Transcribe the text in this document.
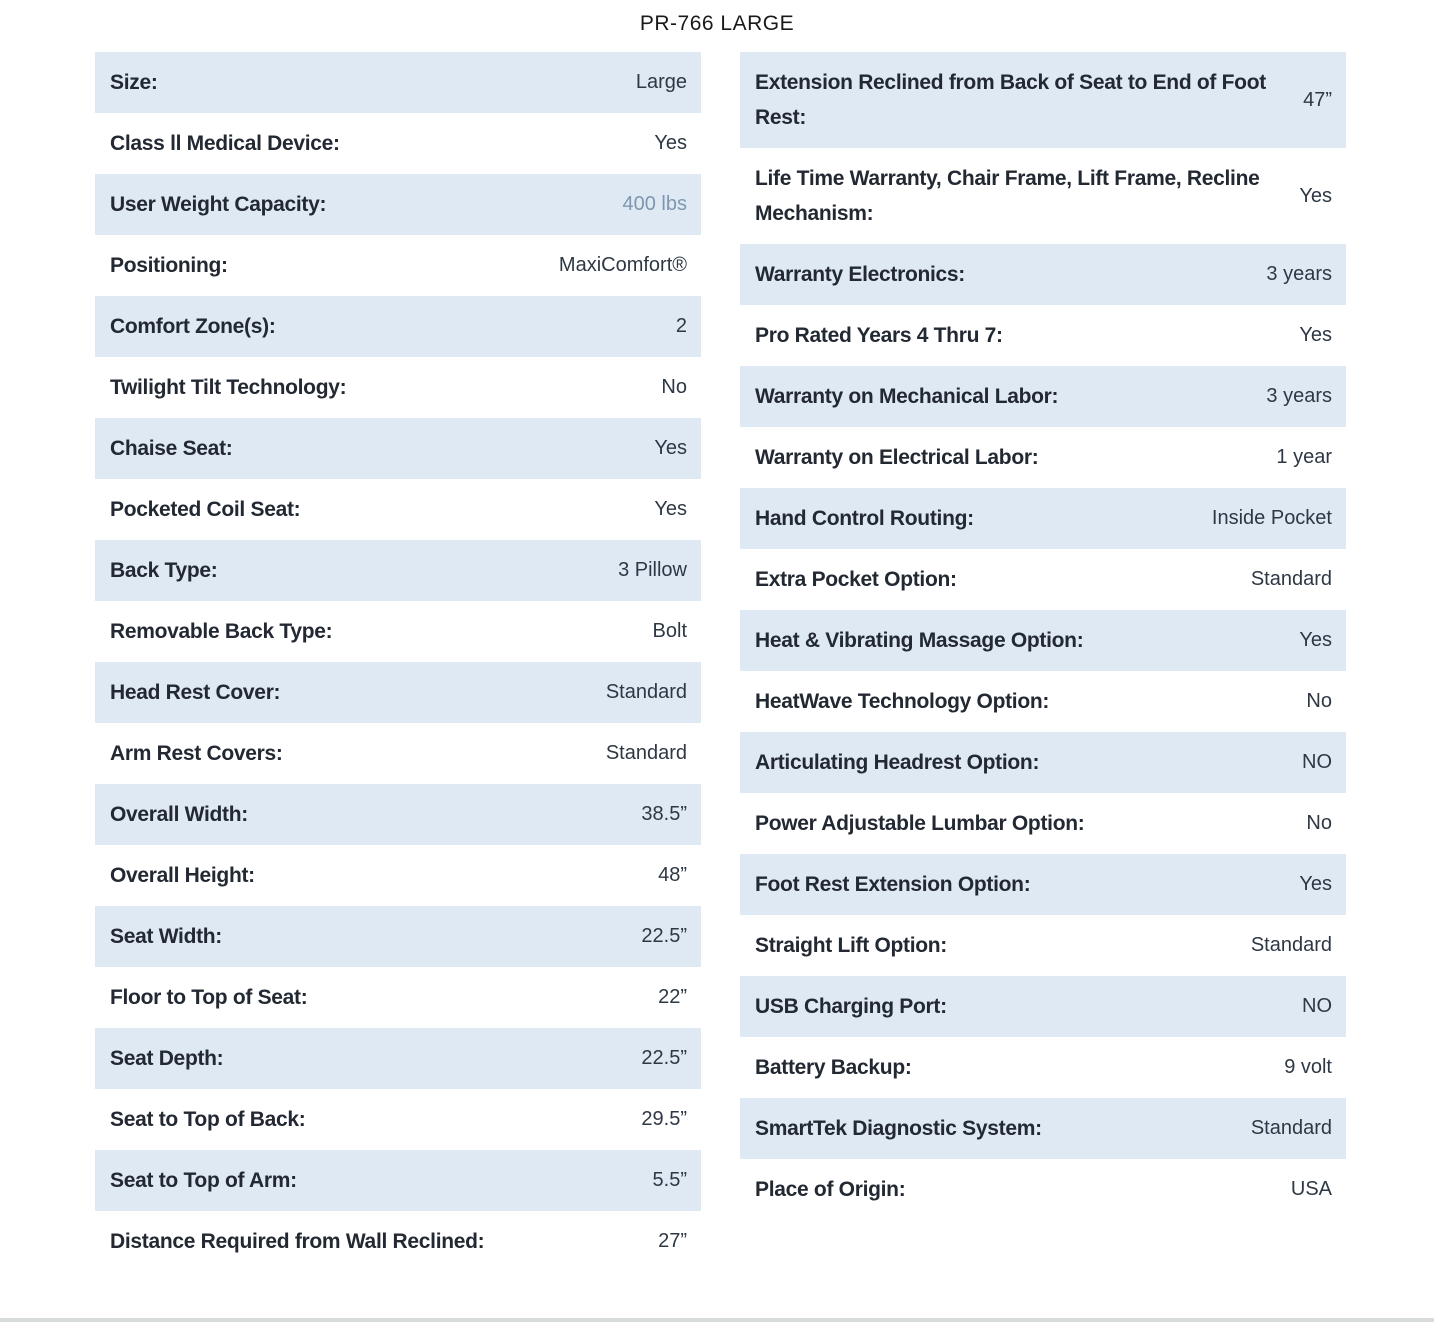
PR-766 LARGE
Size:	Large
Class ll Medical Device:	Yes
User Weight Capacity:	400 lbs
Positioning:	MaxiComfort®
Comfort Zone(s):	2
Twilight Tilt Technology:	No
Chaise Seat:	Yes
Pocketed Coil Seat:	Yes
Back Type:	3 Pillow
Removable Back Type:	Bolt
Head Rest Cover:	Standard
Arm Rest Covers:	Standard
Overall Width:	38.5”
Overall Height:	48”
Seat Width:	22.5”
Floor to Top of Seat:	22”
Seat Depth:	22.5”
Seat to Top of Back:	29.5”
Seat to Top of Arm:	5.5”
Distance Required from Wall Reclined:	27”
Extension Reclined from Back of Seat to End of Foot Rest:
47”
Life Time Warranty, Chair Frame, Lift Frame, Recline Mechanism:
Yes
Warranty Electronics:	3 years
Pro Rated Years 4 Thru 7:	Yes
Warranty on Mechanical Labor:	3 years
Warranty on Electrical Labor:	1 year
Hand Control Routing:	Inside Pocket
Extra Pocket Option:	Standard
Heat & Vibrating Massage Option:	Yes
HeatWave Technology Option:	No
Articulating Headrest Option:	NO
Power Adjustable Lumbar Option:	No
Foot Rest Extension Option:	Yes
Straight Lift Option:	Standard
USB Charging Port:	NO
Battery Backup:	9 volt
SmartTek Diagnostic System:	Standard
Place of Origin:	USA
